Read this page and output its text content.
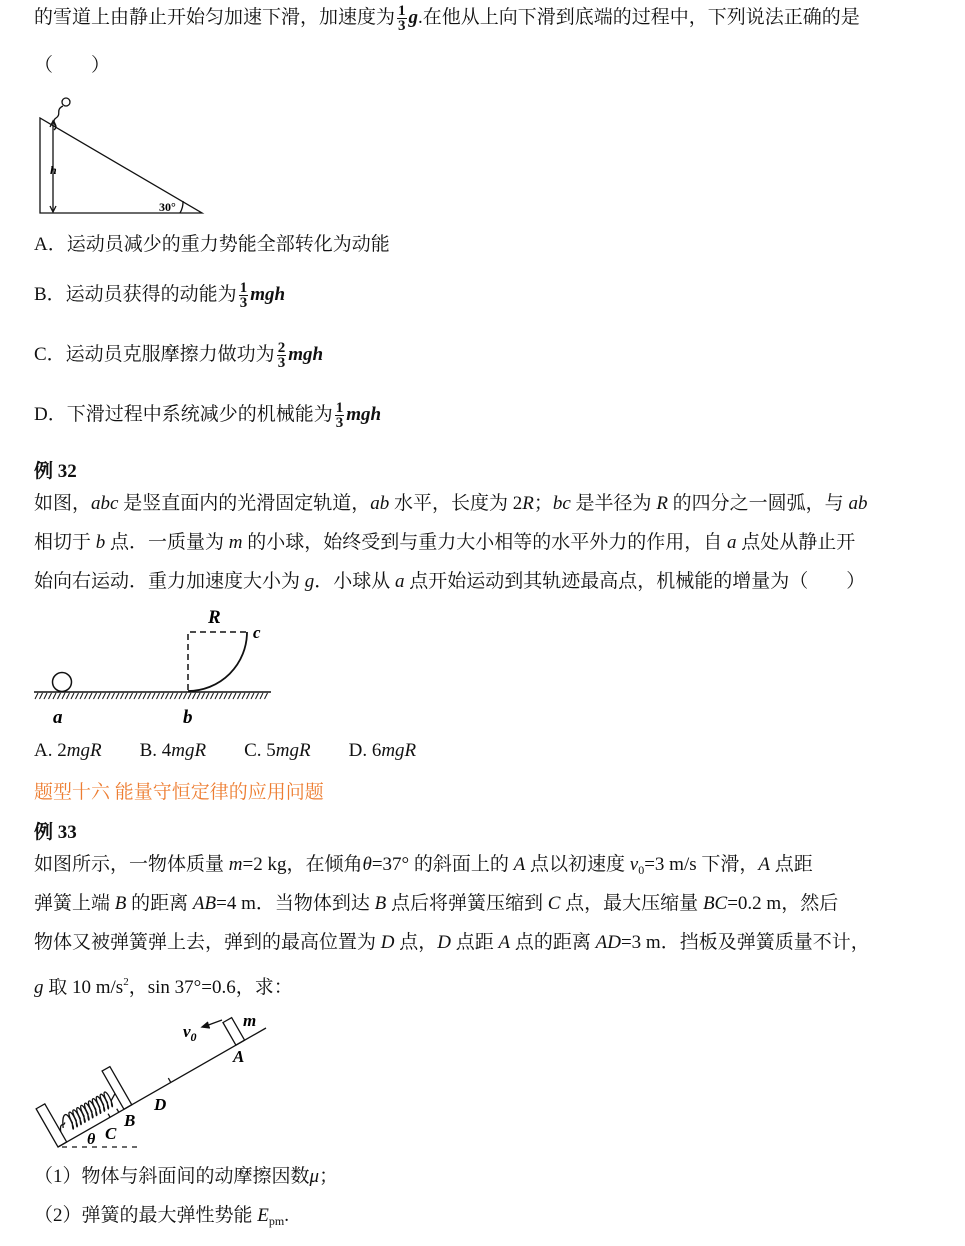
的雪道上由静止开始匀加速下滑，加速度为 $\frac{1}{3} g$.在他从上向下滑到底端的过程中，下列说法正确的是
（　　）
h
30°
R
c
a	b
$v_0$
m
A
D
B
C
θ
A．运动员减少的重力势能全部转化为动能
B．运动员获得的动能为 $\frac{1}{3}$ mgh
C．运动员克服摩擦力做功为 $\frac{2}{3}$ mgh
D．下滑过程中系统减少的机械能为 $\frac{1}{3}$ mgh
例 32
如图，abc 是竖直面内的光滑固定轨道，ab 水平，长度为 2R；bc 是半径为 R 的四分之一圆弧，与 ab
相切于 b 点．一质量为 m 的小球，始终受到与重力大小相等的水平外力的作用，自 a 点处从静止开
始向右运动．重力加速度大小为 g．小球从 a 点开始运动到其轨迹最高点，机械能的增量为（　　）
A. 2mgR　　B. 4mgR　　C. 5mgR　　D. 6mgR
题型十六 能量守恒定律的应用问题
例 33
如图所示，一物体质量 m=2 kg，在倾角θ=37° 的斜面上的 A 点以初速度 $v_0=3$ m/s 下滑，A 点距
弹簧上端 B 的距离 AB=4 m．当物体到达 B 点后将弹簧压缩到 C 点，最大压缩量 BC=0.2 m，然后
物体又被弹簧弹上去，弹到的最高位置为 D 点，D 点距 A 点的距离 AD=3 m．挡板及弹簧质量不计，
g 取 10 $m/s^2$，sin 37°=0.6，求：
（1）物体与斜面间的动摩擦因数μ；
（2）弹簧的最大弹性势能 $E_{pm}$.
